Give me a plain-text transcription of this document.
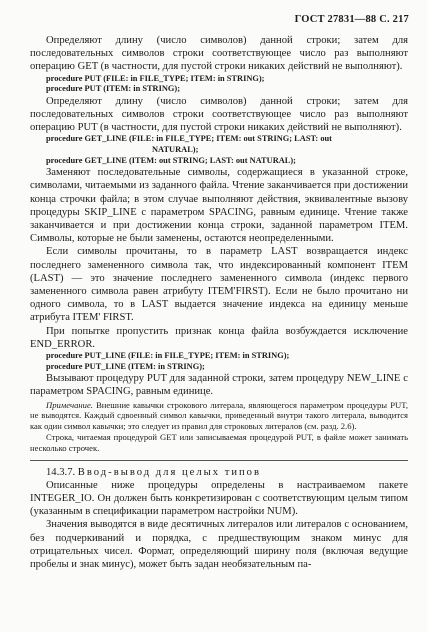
ГОСТ 27831—88 С. 217

Определяют длину (число символов) данной строки; затем для последовательных символов строки соответствующее число раз выполняют операцию GET (в частности, для пустой строки никаких действий не выполняют).

procedure PUT (FILE: in FILE_TYPE; ITEM: in STRING);
procedure PUT (ITEM: in STRING);

Определяют длину (число символов) данной строки; затем для последовательных символов строки соответствующее число раз выполняют операцию PUT (в частности, для пустой строки никаких действий не выполняют).

procedure GET_LINE (FILE: in FILE_TYPE; ITEM: out STRING; LAST: out
NATURAL);
procedure GET_LINE (ITEM: out STRING; LAST: out NATURAL);

Заменяют последовательные символы, содержащиеся в указанной строке, символами, читаемыми из заданного файла. Чтение заканчивается при достижении конца строчки файла; в этом случае выполняют действия, эквивалентные вызову процедуры SKIP_LINE с параметром SPACING, равным единице. Чтение также заканчивается и при достижении конца строки, заданной параметром ITEM. Символы, которые не были заменены, остаются неопределенными.

Если символы прочитаны, то в параметр LAST возвращается индекс последнего замененного символа так, что индексированный компонент ITEM (LAST) — это значение последнего замененного символа (индекс первого замененного символа равен атрибуту ITEM'FIRST). Если не было прочитано ни одного символа, то в LAST выдается значение индекса на единицу меньше атрибута ITEM' FIRST.

При попытке пропустить признак конца файла возбуждается исключение END_ERROR.

procedure PUT_LINE (FILE: in FILE_TYPE; ITEM: in STRING);
procedure PUT_LINE (ITEM: in STRING);

Вызывают процедуру PUT для заданной строки, затем процедуру NEW_LINE с параметром SPACING, равным единице.

Примечание. Внешние кавычки строкового литерала, являющегося параметром процедуры PUT, не выводятся. Каждый сдвоенный символ кавычки, приведенный внутри такого литерала, выводится как один символ кавычки; это следует из правил для строковых литералов (см. разд. 2.6).

Строка, читаемая процедурой GET или записываемая процедурой PUT, в файле может занимать несколько строчек.

14.3.7. Ввод-вывод для целых типов

Описанные ниже процедуры определены в настраиваемом пакете INTEGER_IO. Он должен быть конкретизирован с соответствующим целым типом (указанным в спецификации параметром настройки NUM).

Значения выводятся в виде десятичных литералов или литералов с основанием, без подчеркиваний и порядка, с предшествующим знаком минус для отрицательных чисел. Формат, определяющий ширину поля (включая ведущие пробелы и знак минус), может быть задан необязательным па-
